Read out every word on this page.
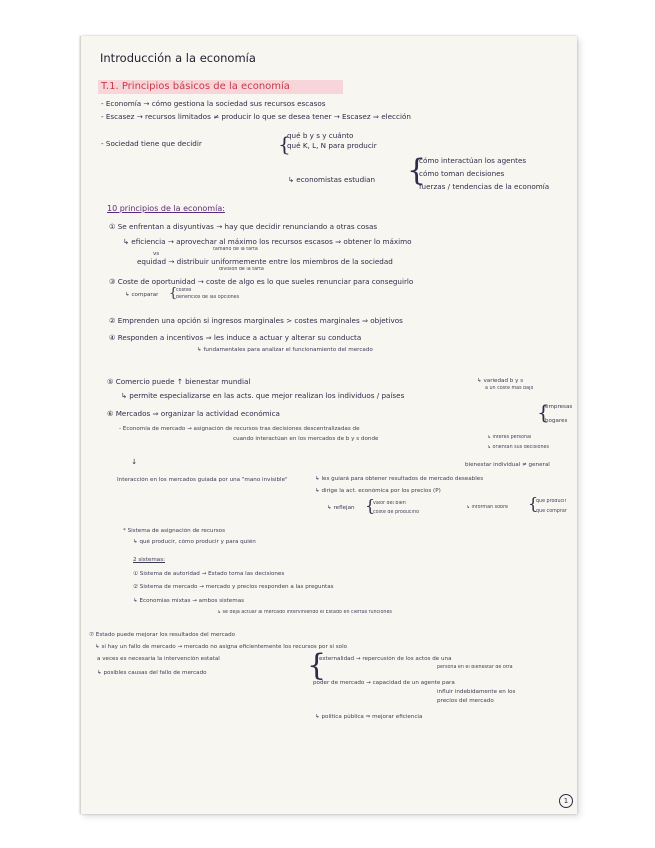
Introducción a la economía
T.1. Principios básicos de la economía
- Economía → cómo gestiona la sociedad sus recursos escasos
- Escasez → recursos limitados ≠ producir lo que se desea tener → Escasez ⇒ elección
- Sociedad tiene que decidir	{
qué b y s y cuánto
qué K, L, N para producir
↳ economistas estudian {
cómo interactúan los agentes
cómo toman decisiones
fuerzas / tendencias de la economía
10 principios de la economía:
① Se enfrentan a disyuntivas → hay que decidir renunciando a otras cosas
↳ eficiencia → aprovechar al máximo los recursos escasos ⇒ obtener lo máximo
tamaño de la tarta
vs
equidad → distribuir uniformemente entre los miembros de la sociedad
división de la tarta
③ Coste de oportunidad → coste de algo es lo que sueles renunciar para conseguirlo
↳ comparar {
costes
beneficios de las opciones
② Emprenden una opción si ingresos marginales > costes marginales ⇒ objetivos
④ Responden a incentivos ⇒ les induce a actuar y alterar su conducta
↳ fundamentales para analizar el funcionamiento del mercado
⑤ Comercio puede ↑ bienestar mundial	↳ variedad b y s
a un coste más bajo
↳ permite especializarse en las acts. que mejor realizan los individuos / países
⑥ Mercados ⇒ organizar la actividad económica	{
empresas
hogares
- Economía de mercado → asignación de recursos tras decisiones descentralizadas de
cuando interactúan en los mercados de b y s donde	↳ interés personal
↳ orientan sus decisiones
bienestar individual ≠ general
↓
Interacción en los mercados guiada por una "mano invisible"	↳ les guiará para obtener resultados de mercado deseables
↳ dirige la act. económica por los precios (P)
↳ reflejan {
valor del bien
coste de producirlo
↳ informan sobre {
qué producir
qué comprar
* Sistema de asignación de recursos
↳ qué producir, cómo producir y para quién
2 sistemas:
① Sistema de autoridad → Estado toma las decisiones
② Sistema de mercado → mercado y precios responden a las preguntas
↳ Economías mixtas → ambos sistemas
↳ se deja actuar al mercado interviniendo el Estado en ciertas funciones
⑦ Estado puede mejorar los resultados del mercado
↳ si hay un fallo de mercado → mercado no asigna eficientemente los recursos por sí solo
a veces es necesaria la intervención estatal
↳ posibles causas del fallo de mercado	{
externalidad → repercusión de los actos de una
persona en el bienestar de otra
poder de mercado → capacidad de un agente para
influir indebidamente en los
precios del mercado
↳ política pública ⇒ mejorar eficiencia
1
